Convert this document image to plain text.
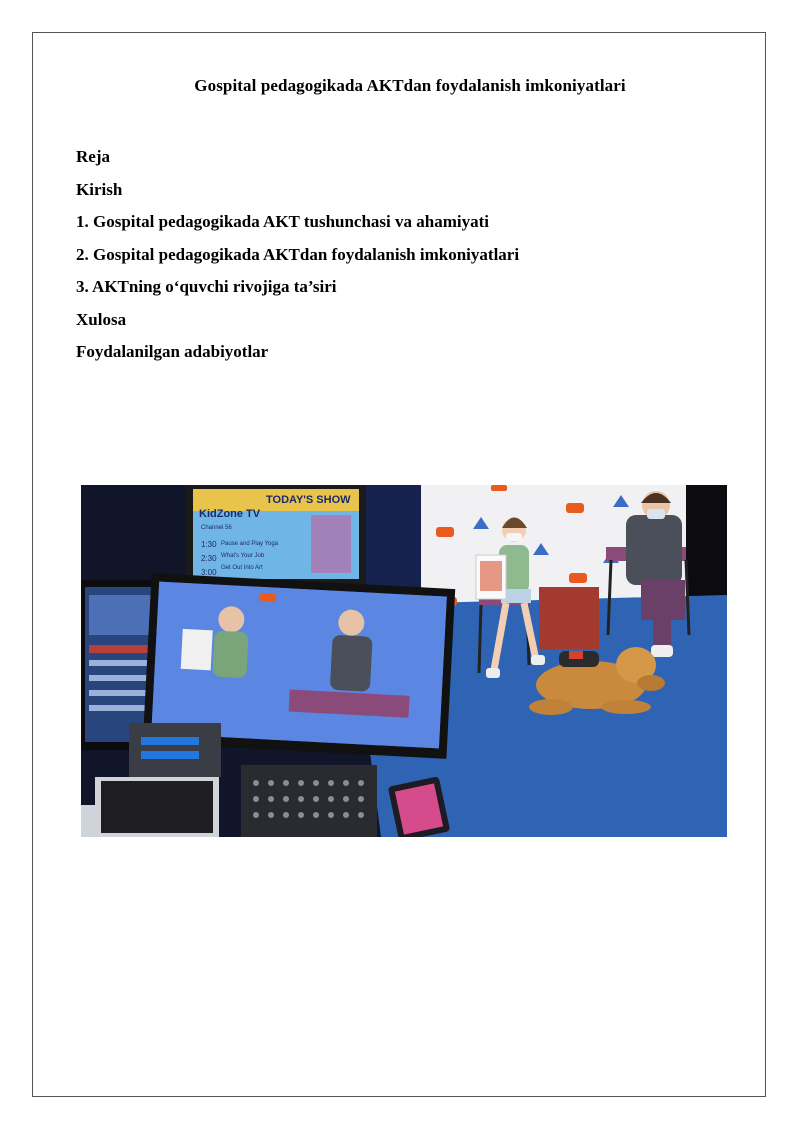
Gospital pedagogikada AKTdan foydalanish imkoniyatlari
Reja
Kirish
1. Gospital pedagogikada AKT tushunchasi va ahamiyati
2. Gospital pedagogikada AKTdan foydalanish imkoniyatlari
3. AKTning o‘quvchi rivojiga ta’siri
Xulosa
Foydalanilgan adabiyotlar
KidZone TV
Channel 56
TODAY'S SHOW
1:30
2:30
3:00
Pause and Play Yoga
What's Your Job
Get Out Into Art
